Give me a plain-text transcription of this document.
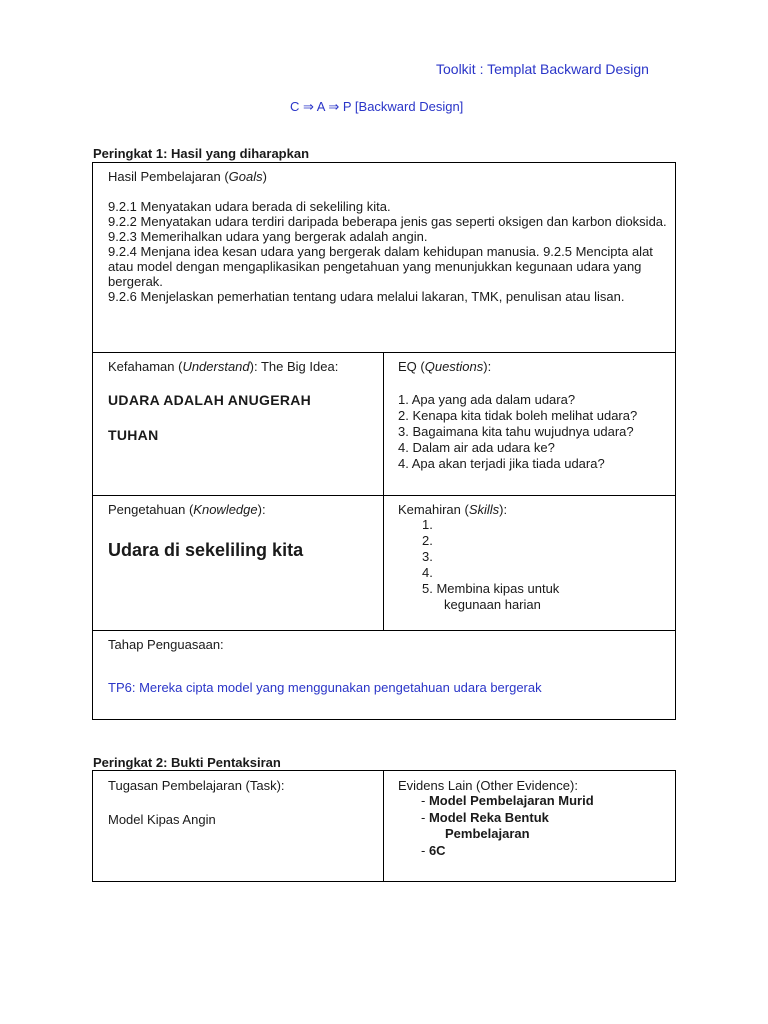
Toolkit : Templat Backward Design
C ⇒ A ⇒ P [Backward Design]
Peringkat 1: Hasil yang diharapkan

Hasil Pembelajaran (Goals)

9.2.1 Menyatakan udara berada di sekeliling kita.

9.2.2 Menyatakan udara terdiri daripada beberapa jenis gas seperti oksigen dan karbon dioksida.

9.2.3 Memerihalkan udara yang bergerak adalah angin.

9.2.4 Menjana idea kesan udara yang bergerak dalam kehidupan manusia. 9.2.5 Mencipta alat atau model dengan mengaplikasikan pengetahuan yang menunjukkan kegunaan udara yang bergerak.

9.2.6 Menjelaskan pemerhatian tentang udara melalui lakaran, TMK, penulisan atau lisan.

Kefahaman (Understand): The Big Idea:

UDARA ADALAH ANUGERAH

TUHAN

EQ (Questions):

1. Apa yang ada dalam udara?

2. Kenapa kita tidak boleh melihat udara? 3. Bagaimana kita tahu wujudnya udara? 4. Dalam air ada udara ke?

4. Apa akan terjadi jika tiada udara?

Pengetahuan (Knowledge):

Udara di sekeliling kita

Kemahiran (Skills):

1.
2.
3.
4.
5. Membina kipas untuk
kegunaan harian

Tahap Penguasaan:

TP6: Mereka cipta model yang menggunakan pengetahuan udara bergerak

Peringkat 2: Bukti Pentaksiran

Tugasan Pembelajaran (Task):

Model Kipas Angin

Evidens Lain (Other Evidence):

- Model Pembelajaran Murid
- Model Reka Bentuk
Pembelajaran
- 6C
